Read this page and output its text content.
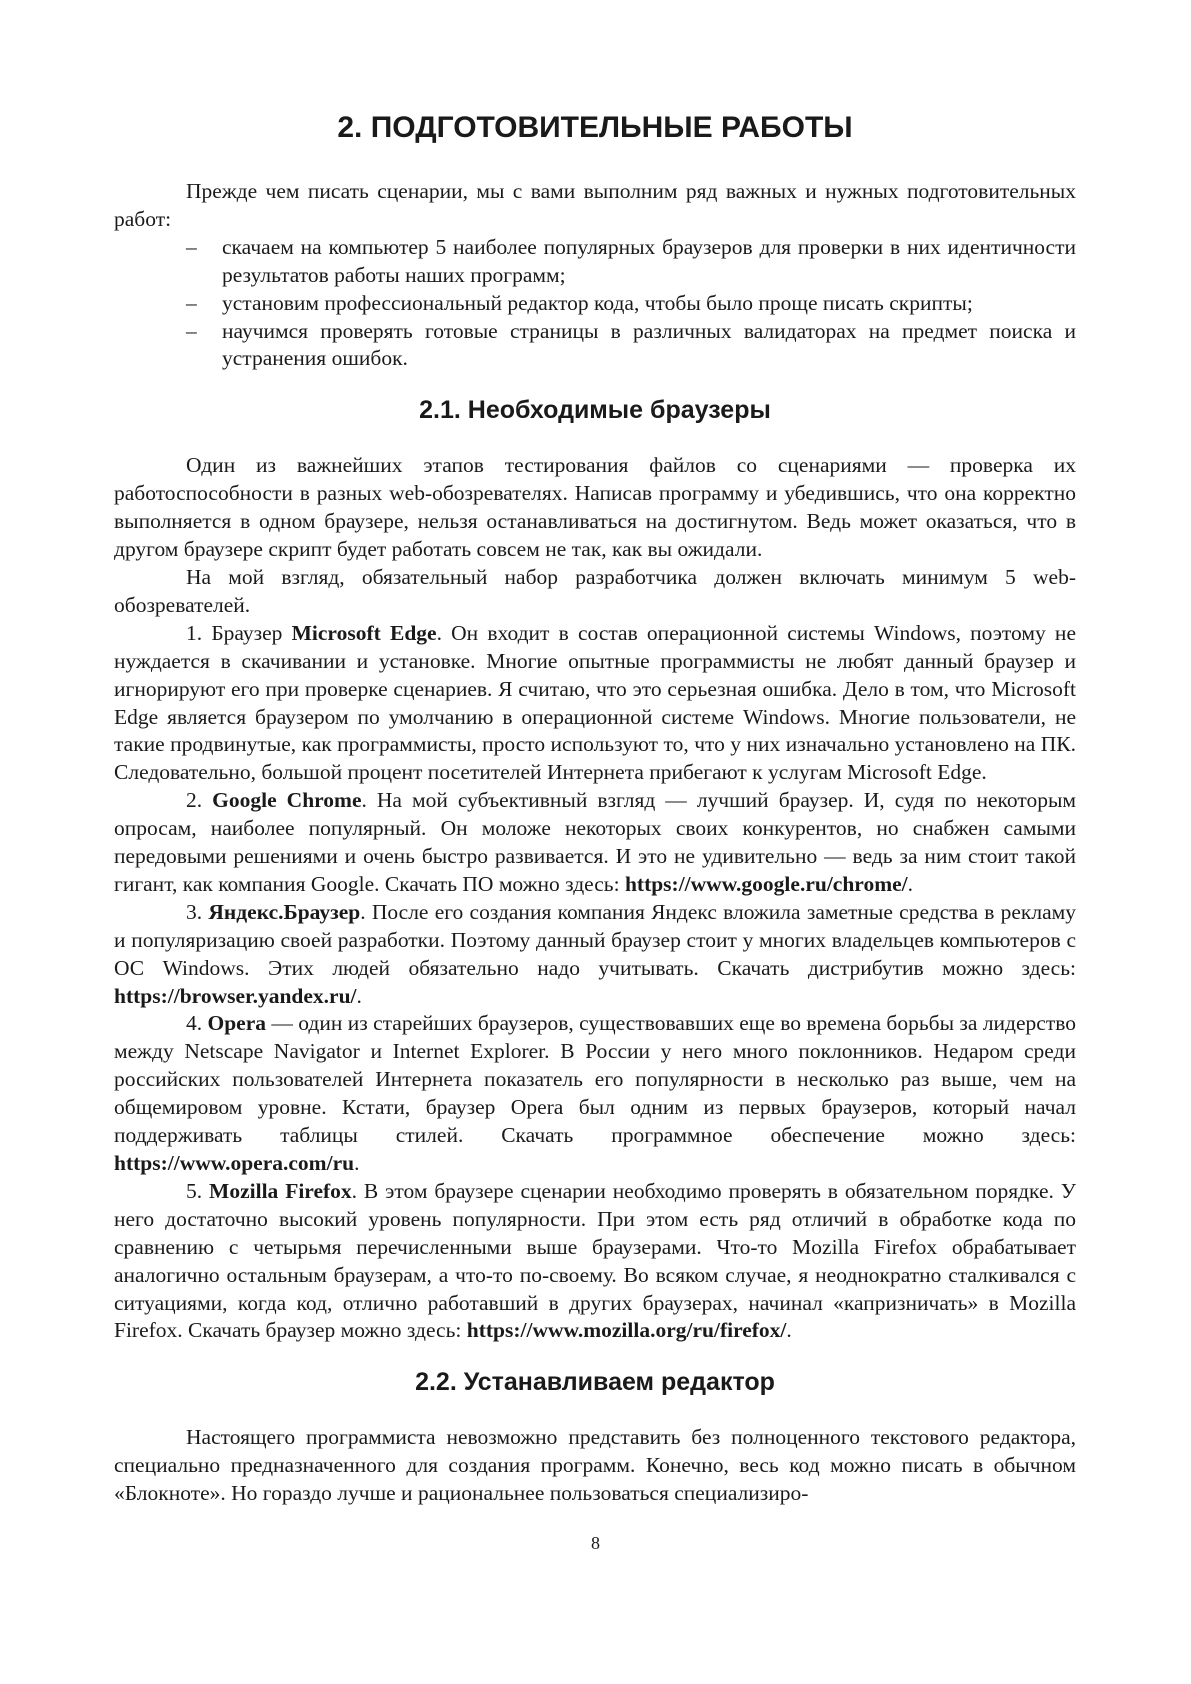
2. ПОДГОТОВИТЕЛЬНЫЕ РАБОТЫ

Прежде чем писать сценарии, мы с вами выполним ряд важных и нужных подготовительных работ:

– скачаем на компьютер 5 наиболее популярных браузеров для проверки в них идентичности результатов работы наших программ;
– установим профессиональный редактор кода, чтобы было проще писать скрипты;
– научимся проверять готовые страницы в различных валидаторах на предмет поиска и устранения ошибок.
2.1. Необходимые браузеры

Один из важнейших этапов тестирования файлов со сценариями — проверка их работоспособности в разных web-обозревателях. Написав программу и убедившись, что она корректно выполняется в одном браузере, нельзя останавливаться на достигнутом. Ведь может оказаться, что в другом браузере скрипт будет работать совсем не так, как вы ожидали.

На мой взгляд, обязательный набор разработчика должен включать минимум 5 web-обозревателей.

1. Браузер Microsoft Edge. Он входит в состав операционной системы Windows, поэтому не нуждается в скачивании и установке. Многие опытные программисты не любят данный браузер и игнорируют его при проверке сценариев. Я считаю, что это серьезная ошибка. Дело в том, что Microsoft Edge является браузером по умолчанию в операционной системе Windows. Многие пользователи, не такие продвинутые, как программисты, просто используют то, что у них изначально установлено на ПК. Следовательно, большой процент посетителей Интернета прибегают к услугам Microsoft Edge.

2. Google Chrome. На мой субъективный взгляд — лучший браузер. И, судя по некоторым опросам, наиболее популярный. Он моложе некоторых своих конкурентов, но снабжен самыми передовыми решениями и очень быстро развивается. И это не удивительно — ведь за ним стоит такой гигант, как компания Google. Скачать ПО можно здесь: https://www.google.ru/chrome/.

3. Яндекс.Браузер. После его создания компания Яндекс вложила заметные средства в рекламу и популяризацию своей разработки. Поэтому данный браузер стоит у многих владельцев компьютеров с ОС Windows. Этих людей обязательно надо учитывать. Скачать дистрибутив можно здесь: https://browser.yandex.ru/.

4. Opera — один из старейших браузеров, существовавших еще во времена борьбы за лидерство между Netscape Navigator и Internet Explorer. В России у него много поклонников. Недаром среди российских пользователей Интернета показатель его популярности в несколько раз выше, чем на общемировом уровне. Кстати, браузер Opera был одним из первых браузеров, который начал поддерживать таблицы стилей. Скачать программное обеспечение можно здесь: https://www.opera.com/ru.

5. Mozilla Firefox. В этом браузере сценарии необходимо проверять в обязательном порядке. У него достаточно высокий уровень популярности. При этом есть ряд отличий в обработке кода по сравнению с четырьмя перечисленными выше браузерами. Что-то Mozilla Firefox обрабатывает аналогично остальным браузерам, а что-то по-своему. Во всяком случае, я неоднократно сталкивался с ситуациями, когда код, отлично работавший в других браузерах, начинал «капризничать» в Mozilla Firefox. Скачать браузер можно здесь: https://www.mozilla.org/ru/firefox/.

2.2. Устанавливаем редактор

Настоящего программиста невозможно представить без полноценного текстового редактора, специально предназначенного для создания программ. Конечно, весь код можно писать в обычном «Блокноте». Но гораздо лучше и рациональнее пользоваться специализиро-

8
